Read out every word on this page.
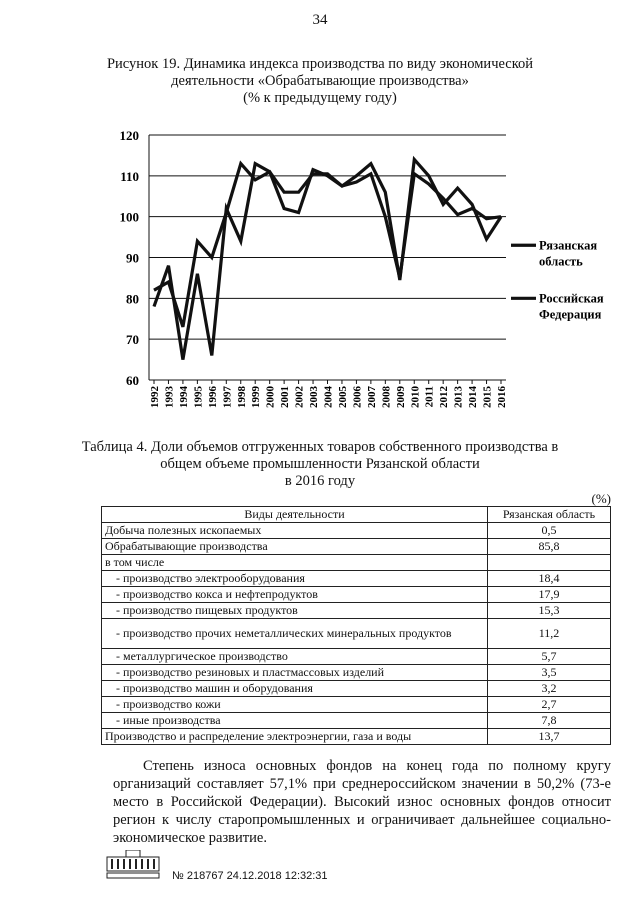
34
Рисунок 19. Динамика индекса производства по виду экономической
деятельности «Обрабатывающие производства»
(% к предыдущему году)
60
70
80
90
100
110
120
1992 1993 1994 1995 1996 1997 1998 1999 2000 2001 2002 2003 2004 2005 2006 2007 2008 2009 2010 2011 2012 2013 2014 2015 2016
Рязанская
область
Российская
Федерация
Таблица 4. Доли объемов отгруженных товаров собственного производства в
общем объеме промышленности Рязанской области
в 2016 году
(%)
Виды деятельности	Рязанская область
Добыча полезных ископаемых	0,5
Обрабатывающие производства	85,8
в том числе	
- производство электрооборудования	18,4
- производство кокса и нефтепродуктов	17,9
- производство пищевых продуктов	15,3
- производство прочих неметаллических минеральных продуктов	11,2
- металлургическое производство	5,7
- производство резиновых и пластмассовых изделий	3,5
- производство машин и оборудования	3,2
- производство кожи	2,7
- иные производства	7,8
Производство и распределение электроэнергии, газа и воды	13,7
Степень износа основных фондов на конец года по полному кругу организаций составляет 57,1% при среднероссийском значении в 50,2% (73-е место в Российской Федерации). Высокий износ основных фондов относит регион к числу старопромышленных и ограничивает дальнейшее социально-экономическое развитие.
№ 218767 24.12.2018 12:32:31
